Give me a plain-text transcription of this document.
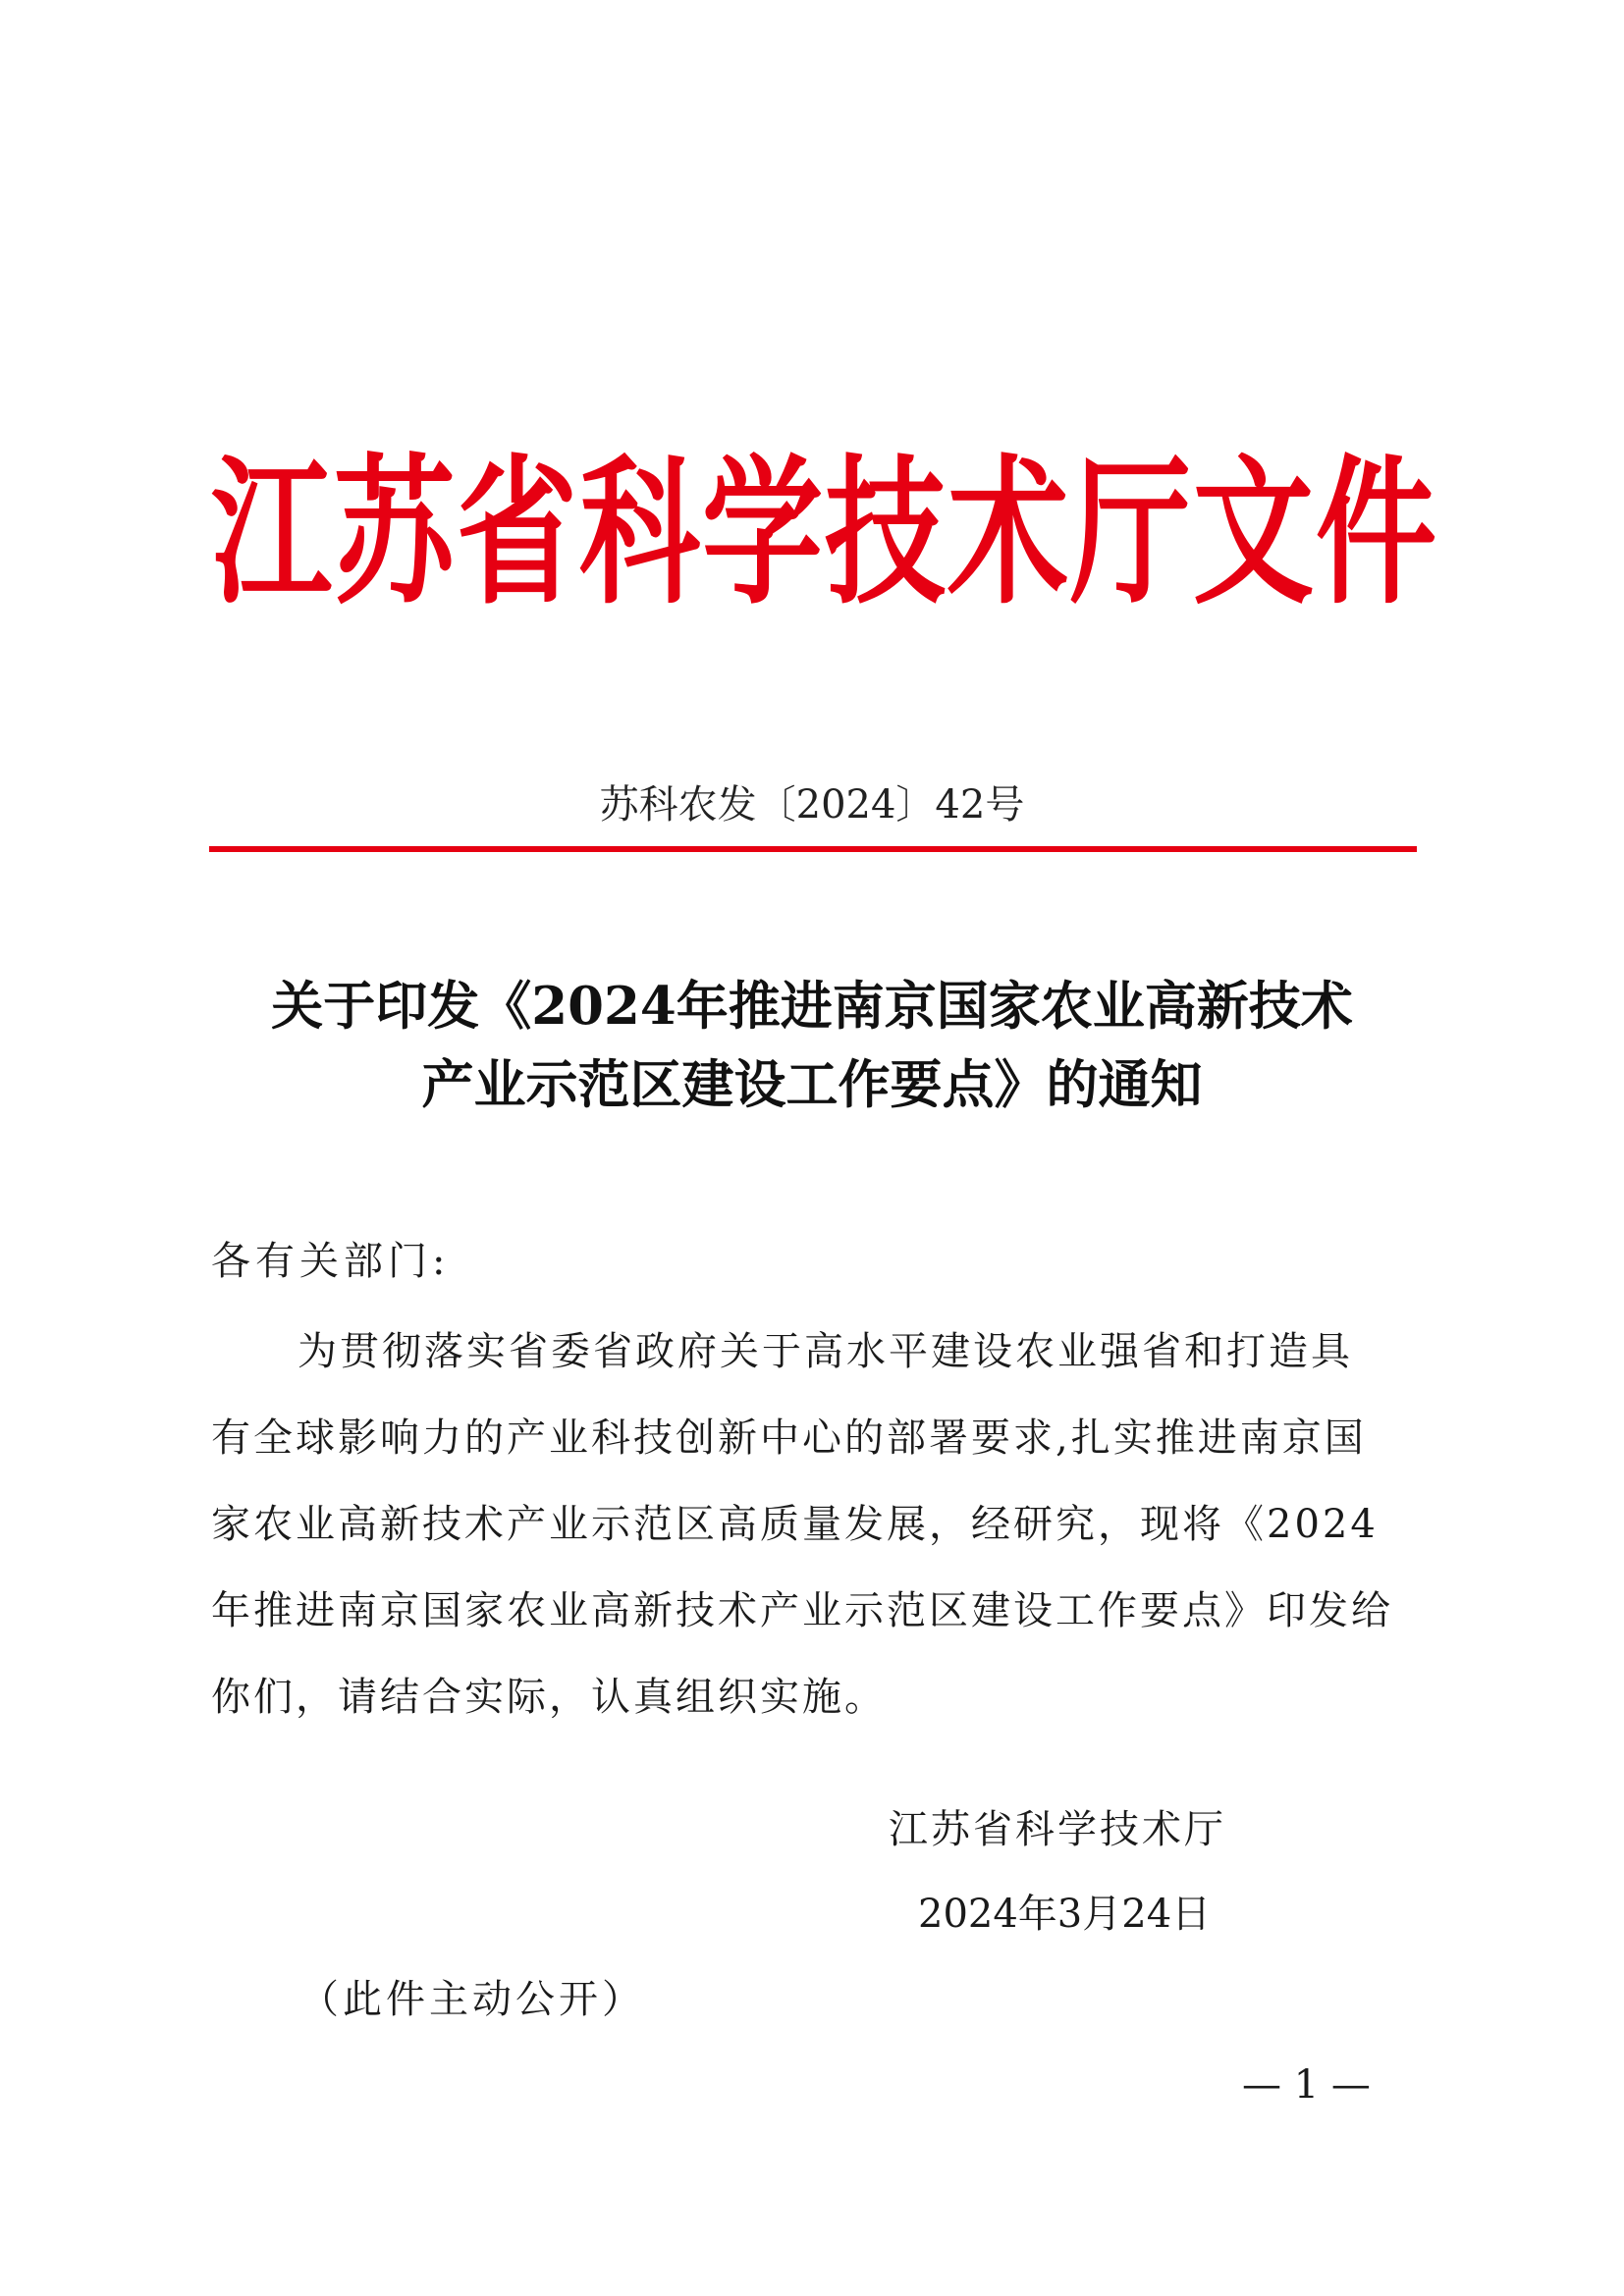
江苏省科学技术厅文件
苏科农发〔2024〕42号
关于印发《2024年推进南京国家农业高新技术
产业示范区建设工作要点》的通知
各有关部门:
为贯彻落实省委省政府关于高水平建设农业强省和打造具
有全球影响力的产业科技创新中心的部署要求,扎实推进南京国
家农业高新技术产业示范区高质量发展，经研究，现将《2024
年推进南京国家农业高新技术产业示范区建设工作要点》印发给
你们，请结合实际，认真组织实施。
江苏省科学技术厅
2024年3月24日
（此件主动公开）
— 1 —
